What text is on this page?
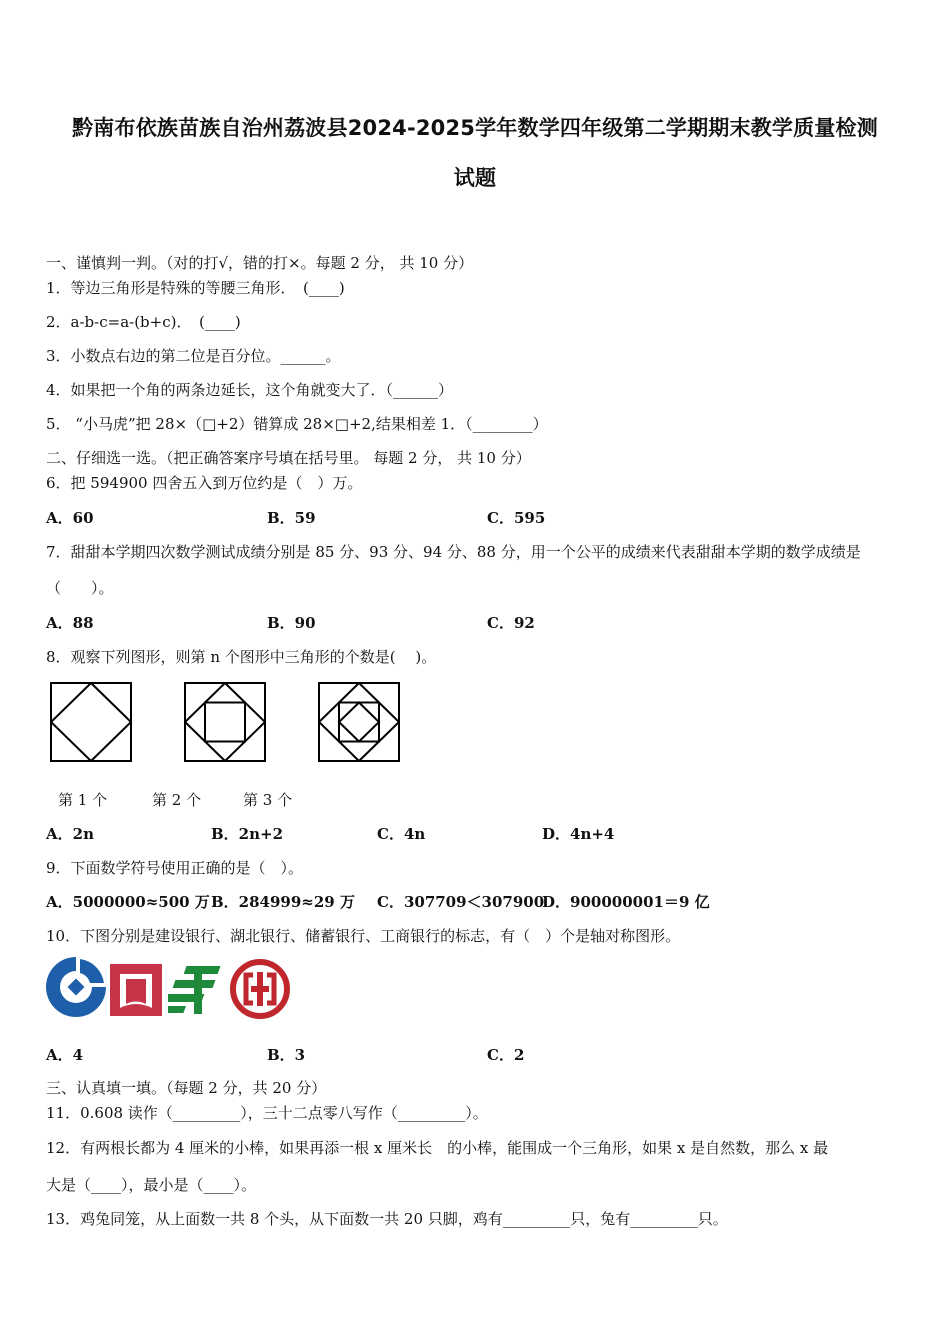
黔南布依族苗族自治州荔波县2024-2025学年数学四年级第二学期期末教学质量检测
试题
一、谨慎判一判。（对的打√，错的打×。每题 2 分， 共 10 分）
1．等边三角形是特殊的等腰三角形．　(____)
2．a-b-c=a-(b+c)．　(____)
3．小数点右边的第二位是百分位。______。
4．如果把一个角的两条边延长，这个角就变大了．（______）
5． “小马虎”把 28×（□+2）错算成 28×□+2,结果相差 1．（________）
二、仔细选一选。（把正确答案序号填在括号里。 每题 2 分， 共 10 分）
6．把 594900 四舍五入到万位约是（　）万。
A．60	B．59	C．595
7．甜甜本学期四次数学测试成绩分别是 85 分、93 分、94 分、88 分，用一个公平的成绩来代表甜甜本学期的数学成绩是
（　　）。
A．88	B．90	C．92
8．观察下列图形，则第 n 个图形中三角形的个数是(　 )。
第 1 个	第 2 个	第 3 个
A．2n	B．2n+2	C．4n	D．4n+4
9．下面数学符号使用正确的是（　）。
A．5000000≈500 万 B．284999≈29 万 C．307709＜307900
D．900000001＝9 亿
10．下图分别是建设银行、湖北银行、储蓄银行、工商银行的标志，有（　）个是轴对称图形。
A．4	B．3	C．2
三、认真填一填。（每题 2 分，共 20 分）
11．0.608 读作（_________），三十二点零八写作（_________）。
12．有两根长都为 4 厘米的小棒，如果再添一根 x 厘米长　的小棒，能围成一个三角形，如果 x 是自然数，那么 x 最
大是（____），最小是（____）。
13．鸡兔同笼，从上面数一共 8 个头，从下面数一共 20 只脚，鸡有_________只，兔有_________只。
